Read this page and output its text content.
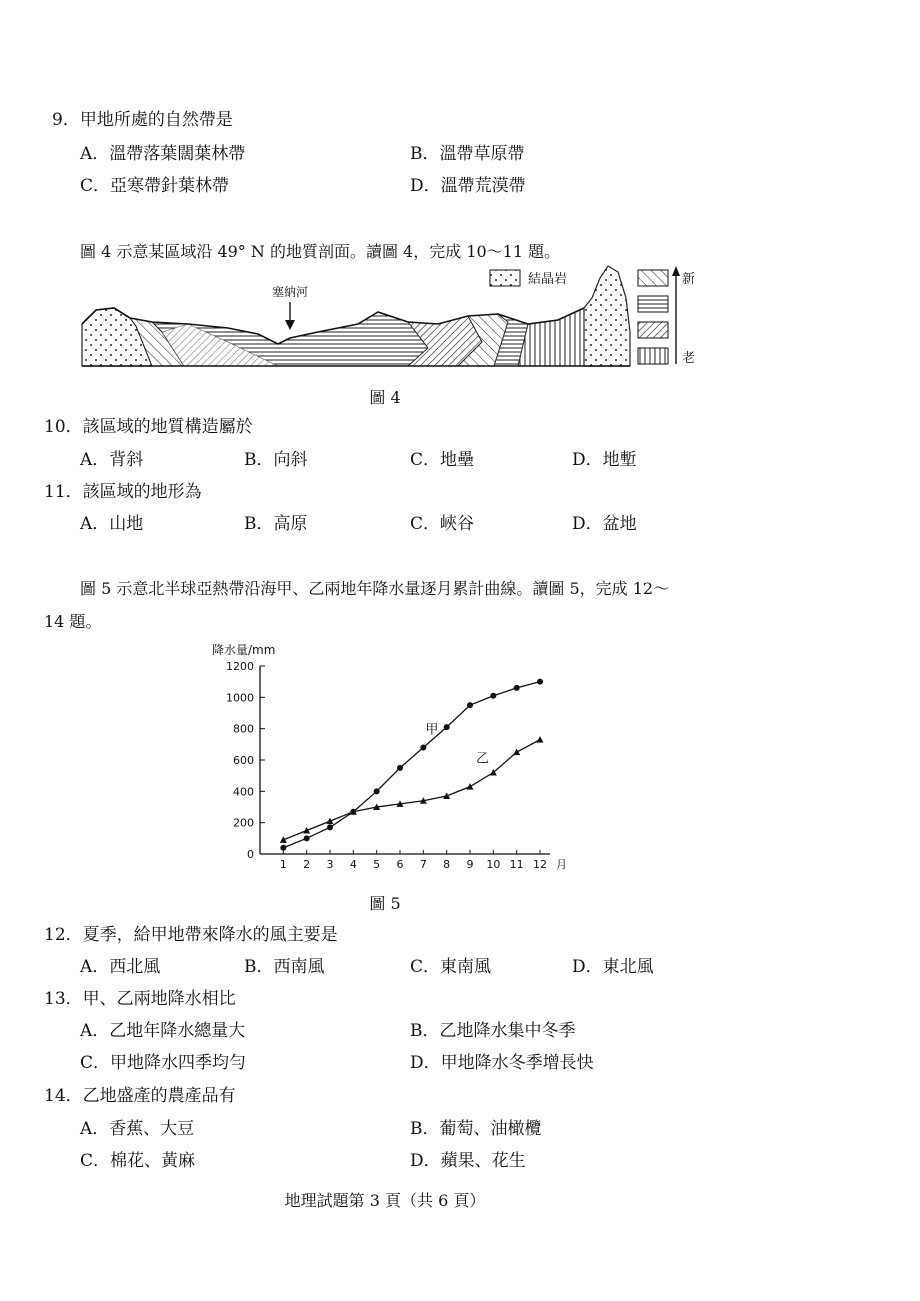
9．甲地所處的自然帶是
A．溫帶落葉闊葉林帶	B．溫帶草原帶
C．亞寒帶針葉林帶	D．溫帶荒漠帶
圖 4 示意某區域沿 49° N 的地質剖面。讀圖 4，完成 10～11 題。
塞納河
結晶岩	新
老
圖 4
10．該區域的地質構造屬於
A．背斜	B．向斜	C．地壘	D．地塹
11．該區域的地形為
A．山地	B．高原	C．峽谷	D．盆地
圖 5 示意北半球亞熱帶沿海甲、乙兩地年降水量逐月累計曲線。讀圖 5，完成 12～
14 題。
降水量/mm
0
200
400
600
800
1000
1200
1 2 3 4 5 6 7 8 9 10 11 12 月
甲
乙
圖 5
12．夏季，給甲地帶來降水的風主要是
A．西北風	B．西南風	C．東南風	D．東北風
13．甲、乙兩地降水相比
A．乙地年降水總量大	B．乙地降水集中冬季
C．甲地降水四季均勻	D．甲地降水冬季增長快
14．乙地盛產的農產品有
A．香蕉、大豆	B．葡萄、油橄欖
C．棉花、黃麻	D．蘋果、花生
地理試題第 3 頁（共 6 頁）
